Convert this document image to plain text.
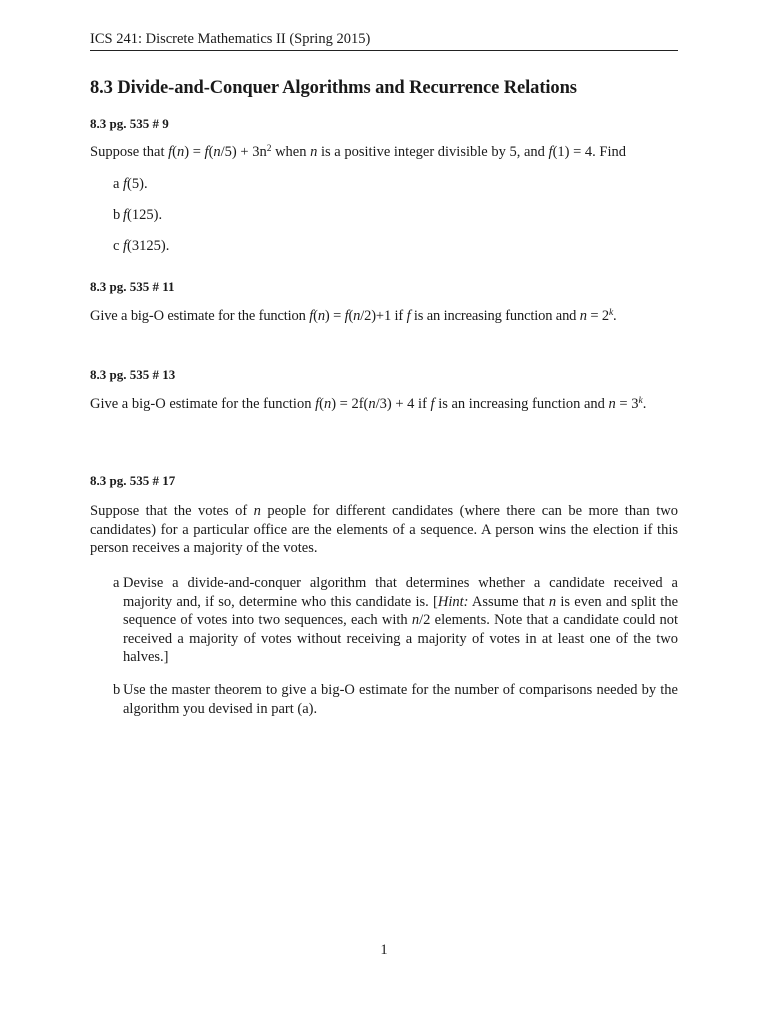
ICS 241: Discrete Mathematics II (Spring 2015)
8.3 Divide-and-Conquer Algorithms and Recurrence Relations
8.3 pg. 535 # 9
Suppose that $f(n) = f(n/5) + 3n^2$ when n is a positive integer divisible by 5, and f(1) = 4. Find
a f(5).
b f(125).
c f(3125).
8.3 pg. 535 # 11
Give a big-O estimate for the function f(n) = f(n/2)+1 if f is an increasing function and $n = 2^k$.
8.3 pg. 535 # 13
Give a big-O estimate for the function f(n) = 2f(n/3) + 4 if f is an increasing function and $n = 3^k$.
8.3 pg. 535 # 17
Suppose that the votes of n people for different candidates (where there can be more than two candidates) for a particular office are the elements of a sequence. A person wins the election if this person receives a majority of the votes.
a Devise a divide-and-conquer algorithm that determines whether a candidate received a majority and, if so, determine who this candidate is. [Hint: Assume that n is even and split the sequence of votes into two sequences, each with n/2 elements. Note that a candidate could not received a majority of votes without receiving a majority of votes in at least one of the two halves.]
b Use the master theorem to give a big-O estimate for the number of comparisons needed by the algorithm you devised in part (a).
1
